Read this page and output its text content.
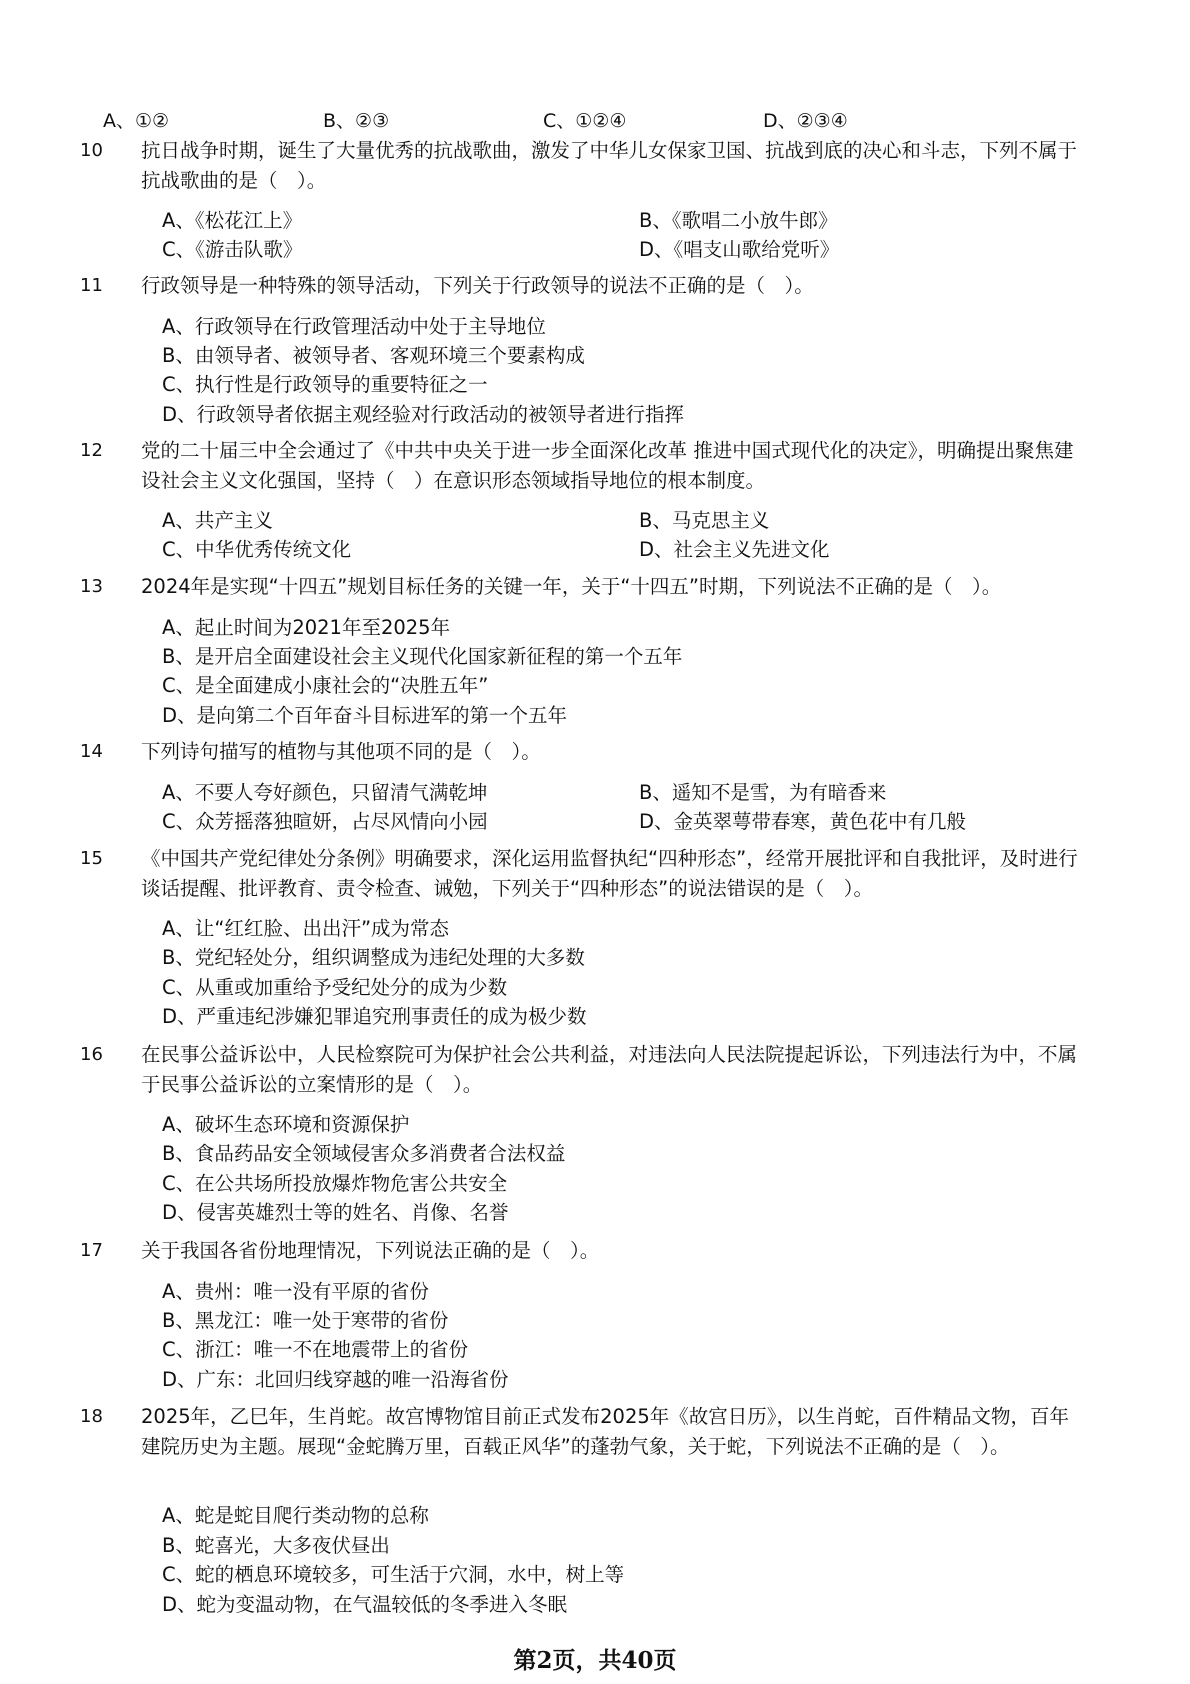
A、①②	B、②③	C、①②④	D、②③④
10	抗日战争时期，诞生了大量优秀的抗战歌曲，激发了中华儿女保家卫国、抗战到底的决心和斗志，下列不属于抗战歌曲的是（　）。
A、《松花江上》	B、《歌唱二小放牛郎》
C、《游击队歌》	D、《唱支山歌给党听》
11	行政领导是一种特殊的领导活动，下列关于行政领导的说法不正确的是（　）。
A、行政领导在行政管理活动中处于主导地位
B、由领导者、被领导者、客观环境三个要素构成
C、执行性是行政领导的重要特征之一
D、行政领导者依据主观经验对行政活动的被领导者进行指挥
12	党的二十届三中全会通过了《中共中央关于进一步全面深化改革 推进中国式现代化的决定》，明确提出聚焦建设社会主义文化强国，坚持（　）在意识形态领域指导地位的根本制度。
A、共产主义	B、马克思主义
C、中华优秀传统文化	D、社会主义先进文化
13	2024年是实现“十四五”规划目标任务的关键一年，关于“十四五”时期，下列说法不正确的是（　）。
A、起止时间为2021年至2025年
B、是开启全面建设社会主义现代化国家新征程的第一个五年
C、是全面建成小康社会的“决胜五年”
D、是向第二个百年奋斗目标进军的第一个五年
14	下列诗句描写的植物与其他项不同的是（　）。
A、不要人夸好颜色，只留清气满乾坤	B、遥知不是雪，为有暗香来
C、众芳摇落独暄妍，占尽风情向小园	D、金英翠萼带春寒，黄色花中有几般
15	《中国共产党纪律处分条例》明确要求，深化运用监督执纪“四种形态”，经常开展批评和自我批评，及时进行谈话提醒、批评教育、责令检查、诫勉，下列关于“四种形态”的说法错误的是（　）。
A、让“红红脸、出出汗”成为常态
B、党纪轻处分，组织调整成为违纪处理的大多数
C、从重或加重给予受纪处分的成为少数
D、严重违纪涉嫌犯罪追究刑事责任的成为极少数
16	在民事公益诉讼中，人民检察院可为保护社会公共利益，对违法向人民法院提起诉讼，下列违法行为中，不属于民事公益诉讼的立案情形的是（　）。
A、破坏生态环境和资源保护
B、食品药品安全领域侵害众多消费者合法权益
C、在公共场所投放爆炸物危害公共安全
D、侵害英雄烈士等的姓名、肖像、名誉
17	关于我国各省份地理情况，下列说法正确的是（　）。
A、贵州：唯一没有平原的省份
B、黑龙江：唯一处于寒带的省份
C、浙江：唯一不在地震带上的省份
D、广东：北回归线穿越的唯一沿海省份
18	2025年，乙巳年，生肖蛇。故宫博物馆目前正式发布2025年《故宫日历》，以生肖蛇，百件精品文物，百年建院历史为主题。展现“金蛇腾万里，百载正风华”的蓬勃气象，关于蛇，下列说法不正确的是（　）。
A、蛇是蛇目爬行类动物的总称
B、蛇喜光，大多夜伏昼出
C、蛇的栖息环境较多，可生活于穴洞，水中，树上等
D、蛇为变温动物，在气温较低的冬季进入冬眠
第2页，共40页
